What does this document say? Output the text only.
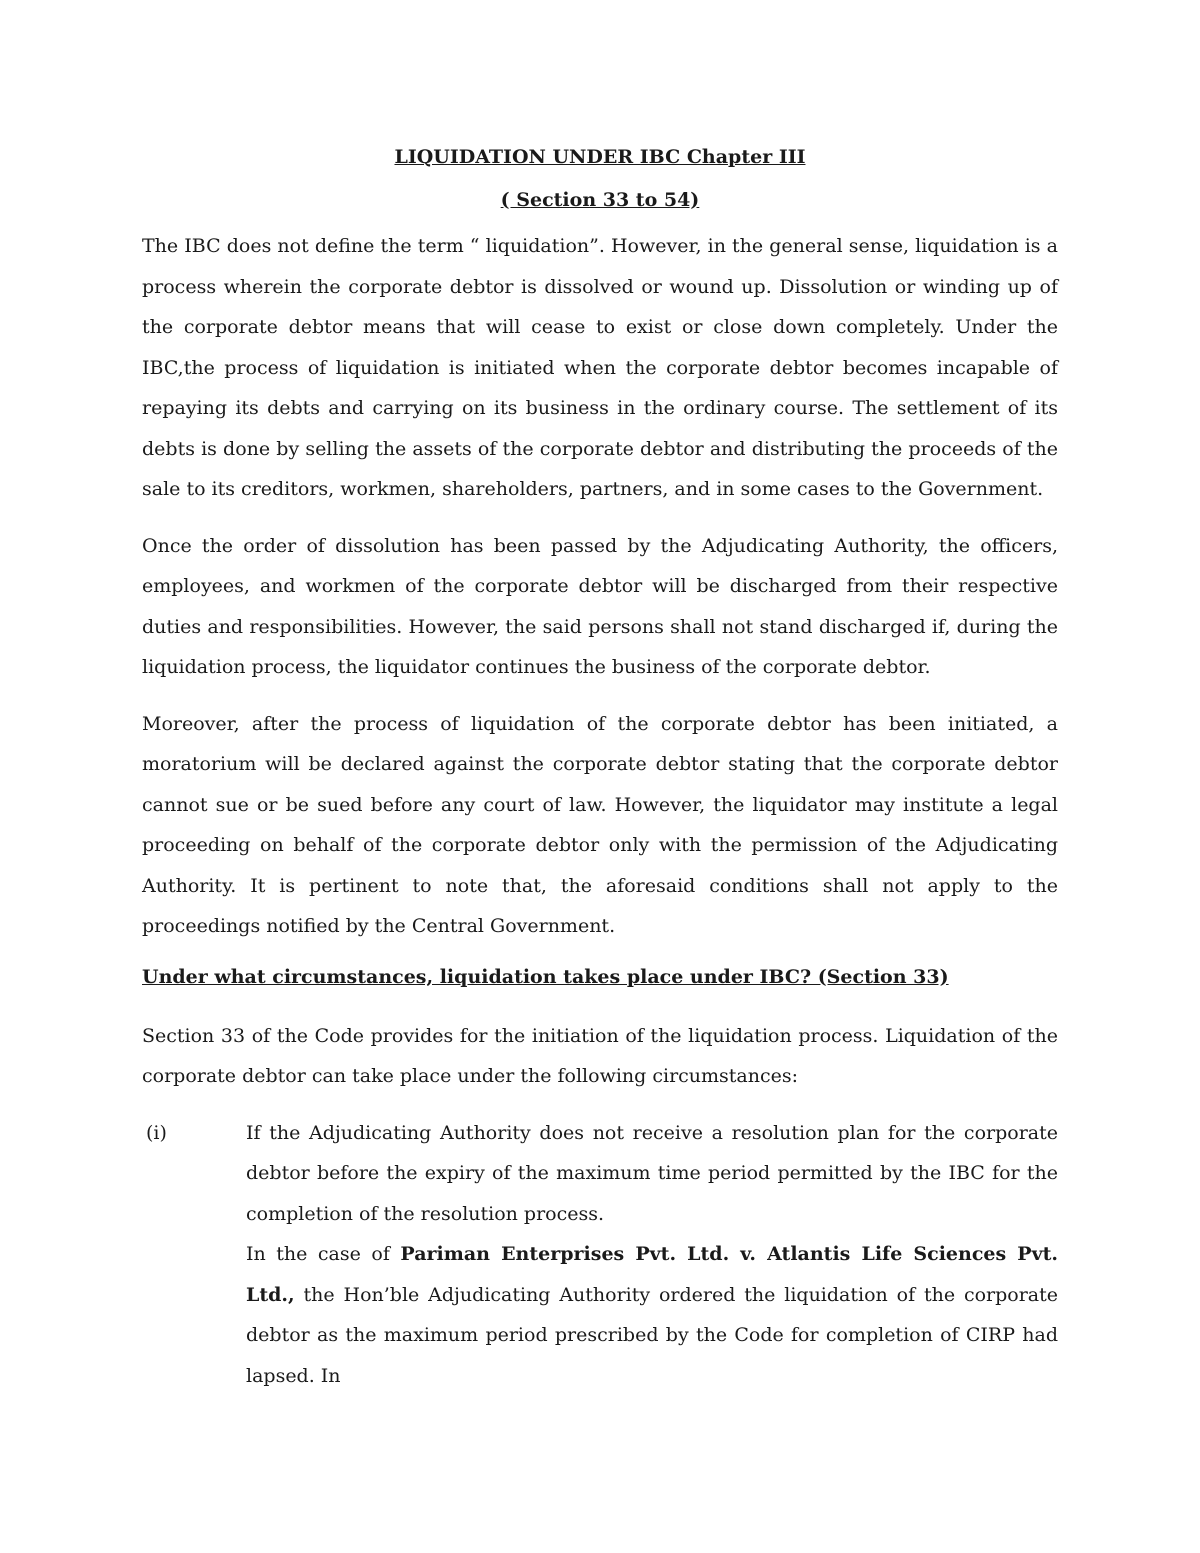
LIQUIDATION UNDER IBC Chapter III
( Section 33 to 54)

The IBC does not define the term “ liquidation”. However, in the general sense, liquidation is a process wherein the corporate debtor is dissolved or wound up. Dissolution or winding up of the corporate debtor means that will cease to exist or close down completely. Under the IBC,the process of liquidation is initiated when the corporate debtor becomes incapable of repaying its debts and carrying on its business in the ordinary course. The settlement of its debts is done by selling the assets of the corporate debtor and distributing the proceeds of the sale to its creditors, workmen, shareholders, partners, and in some cases to the Government.

Once the order of dissolution has been passed by the Adjudicating Authority, the officers, employees, and workmen of the corporate debtor will be discharged from their respective duties and responsibilities. However, the said persons shall not stand discharged if, during the liquidation process, the liquidator continues the business of the corporate debtor.

Moreover, after the process of liquidation of the corporate debtor has been initiated, a moratorium will be declared against the corporate debtor stating that the corporate debtor cannot sue or be sued before any court of law. However, the liquidator may institute a legal proceeding on behalf of the corporate debtor only with the permission of the Adjudicating Authority. It is pertinent to note that, the aforesaid conditions shall not apply to the proceedings notified by the Central Government.

Under what circumstances, liquidation takes place under IBC? (Section 33)

Section 33 of the Code provides for the initiation of the liquidation process. Liquidation of the corporate debtor can take place under the following circumstances:

(i)	If the Adjudicating Authority does not receive a resolution plan for the corporate debtor before the expiry of the maximum time period permitted by the IBC for the completion of the resolution process.

In the case of Pariman Enterprises Pvt. Ltd. v. Atlantis Life Sciences Pvt. Ltd., the Hon’ble Adjudicating Authority ordered the liquidation of the corporate debtor as the maximum period prescribed by the Code for completion of CIRP had lapsed. In
